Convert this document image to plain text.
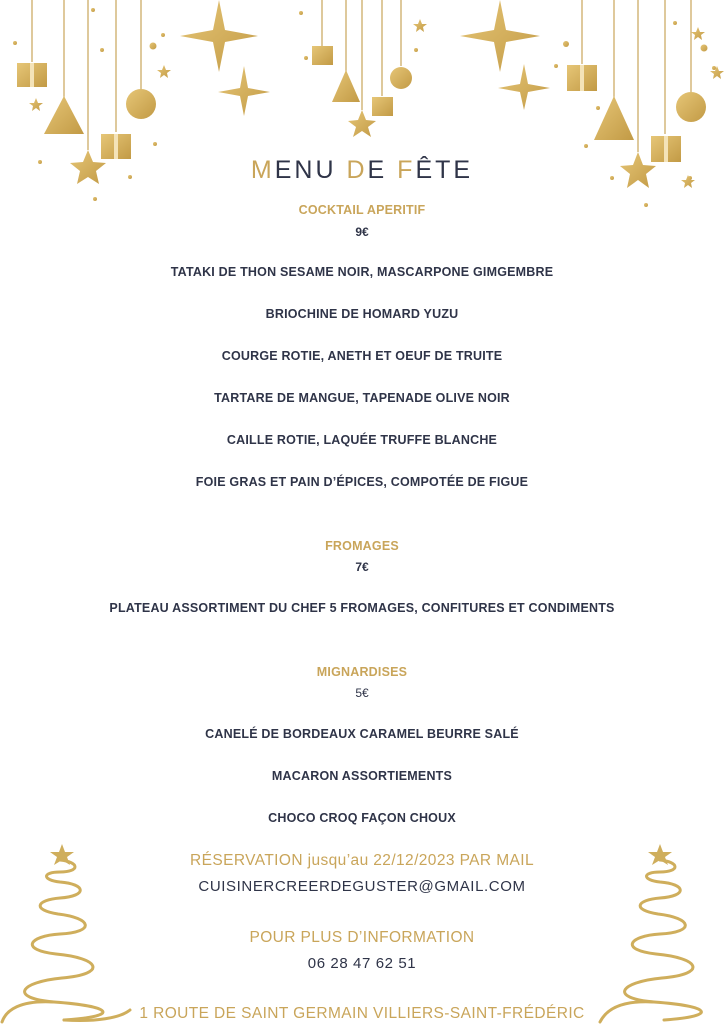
MENU DE FÊTE
COCKTAIL APERITIF
9€
TATAKI DE THON SESAME NOIR, MASCARPONE GIMGEMBRE
BRIOCHINE DE HOMARD YUZU
COURGE ROTIE, ANETH ET OEUF DE TRUITE
TARTARE DE MANGUE, TAPENADE OLIVE NOIR
CAILLE ROTIE, LAQUÉE TRUFFE BLANCHE
FOIE GRAS ET PAIN D’ÉPICES, COMPOTÉE DE FIGUE
FROMAGES
7€
PLATEAU ASSORTIMENT DU CHEF 5 FROMAGES, CONFITURES ET CONDIMENTS
MIGNARDISES
5€
CANELÉ DE BORDEAUX CARAMEL BEURRE SALÉ
MACARON ASSORTIEMENTS
CHOCO CROQ FAÇON CHOUX
RÉSERVATION jusqu’au 22/12/2023 PAR MAIL
CUISINERCREERDEGUSTER@GMAIL.COM
POUR PLUS D’INFORMATION
06 28 47 62 51
1 ROUTE DE SAINT GERMAIN VILLIERS-SAINT-FRÉDÉRIC
